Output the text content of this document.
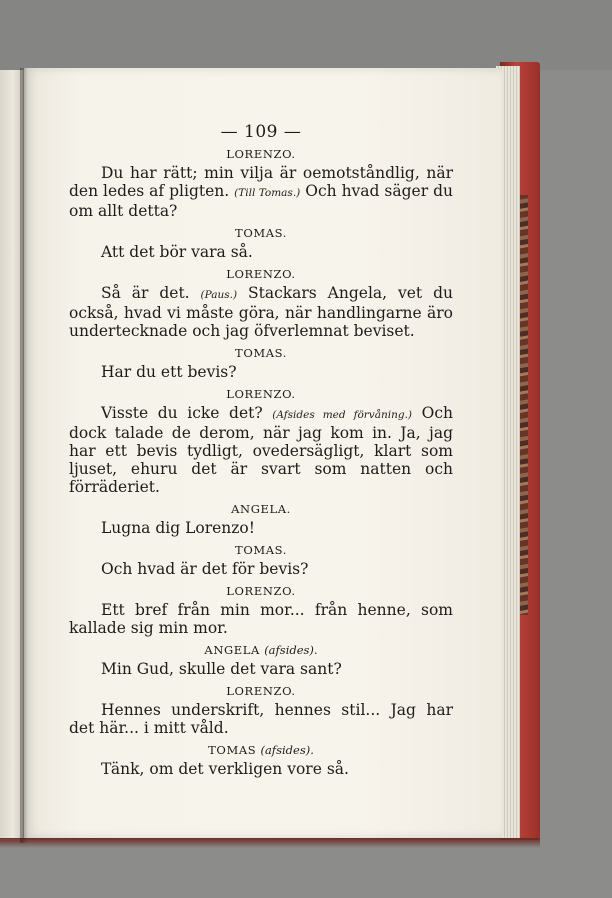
— 109 —

LORENZO.

Du har rätt; min vilja är oemotståndlig, när den ledes af pligten. (Till Tomas.) Och hvad säger du om allt detta?

TOMAS.

Att det bör vara så.

LORENZO.

Så är det. (Paus.) Stackars Angela, vet du också, hvad vi måste göra, när handlingarne äro undertecknade och jag öfverlemnat beviset.

TOMAS.

Har du ett bevis?

LORENZO.

Visste du icke det? (Afsides med förvåning.) Och dock talade de derom, när jag kom in. Ja, jag har ett bevis tydligt, ovedersägligt, klart som ljuset, ehuru det är svart som natten och förräderiet.

ANGELA.

Lugna dig Lorenzo!

TOMAS.

Och hvad är det för bevis?

LORENZO.

Ett bref från min mor... från henne, som kallade sig min mor.

ANGELA (afsides).

Min Gud, skulle det vara sant?

LORENZO.

Hennes underskrift, hennes stil... Jag har det här... i mitt våld.

TOMAS (afsides).

Tänk, om det verkligen vore så.
